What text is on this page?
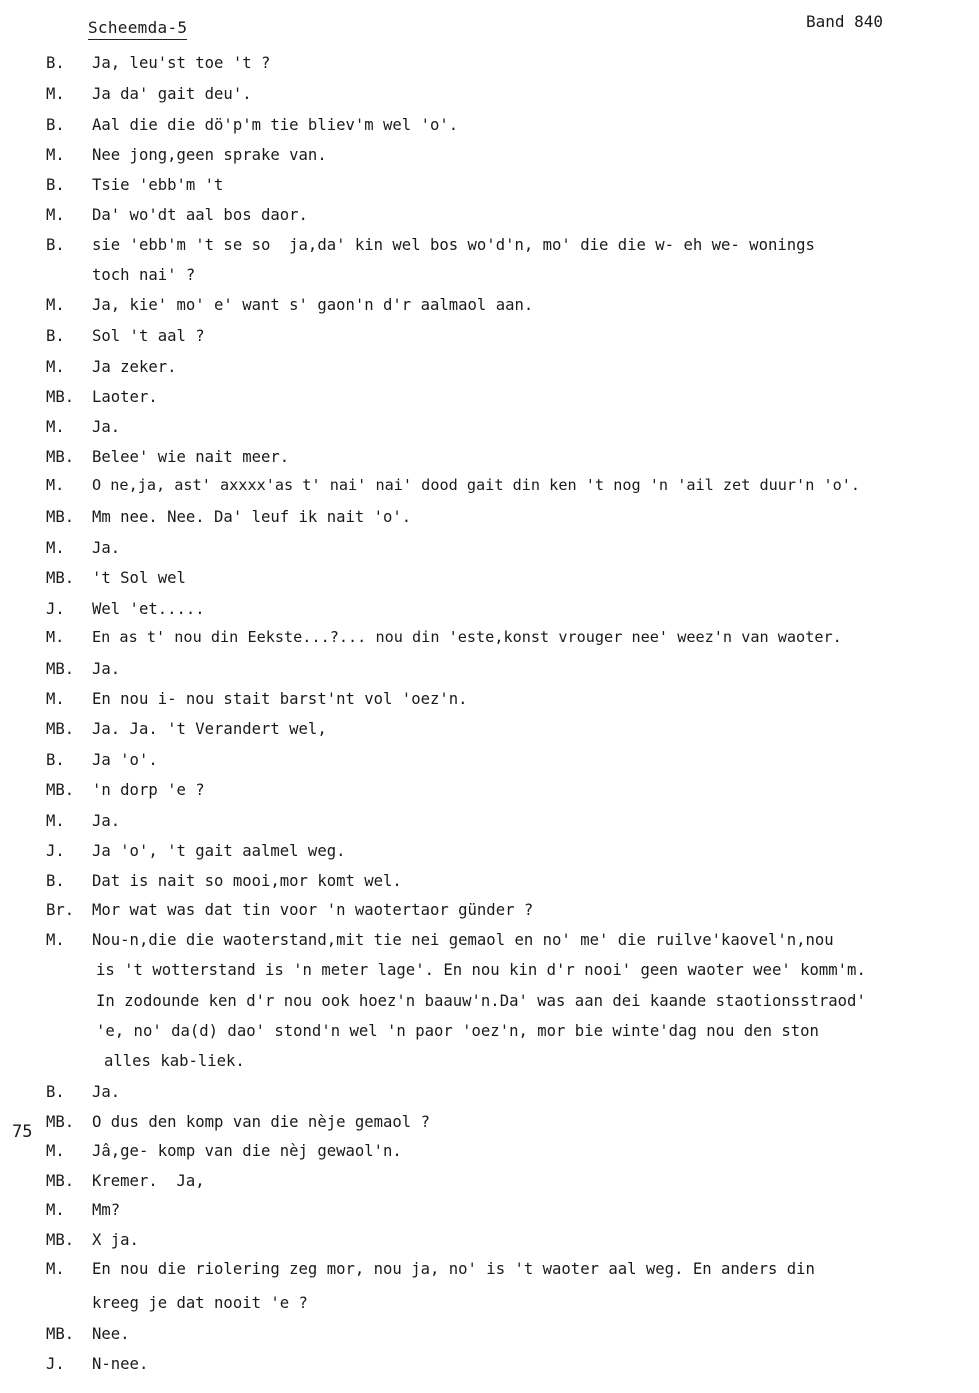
Scheemda-5	Band 840
75
B.	Ja, leu'st toe 't ?
M.	Ja da' gait deu'.
B.	Aal die die dö'p'm tie bliev'm wel 'o'.
M.	Nee jong,geen sprake van.
B.	Tsie 'ebb'm 't
M.	Da' wo'dt aal bos daor.
B.	sie 'ebb'm 't se so  ja,da' kin wel bos wo'd'n, mo' die die w- eh we- wonings
toch nai' ?
M.	Ja, kie' mo' e' want s' gaon'n d'r aalmaol aan.
B.	Sol 't aal ?
M.	Ja zeker.
MB.	Laoter.
M.	Ja.
MB.	Belee' wie nait meer.
M.	O ne,ja, ast' axxxx'as t' nai' nai' dood gait din ken 't nog 'n 'ail zet duur'n 'o'.
MB.	Mm nee. Nee. Da' leuf ik nait 'o'.
M.	Ja.
MB.	't Sol wel
J.	Wel 'et.....
M.	En as t' nou din Eekste...?... nou din 'este,konst vrouger nee' weez'n van waoter.
MB.	Ja.
M.	En nou i- nou stait barst'nt vol 'oez'n.
MB.	Ja. Ja. 't Verandert wel,
B.	Ja 'o'.
MB.	'n dorp 'e ?
M.	Ja.
J.	Ja 'o', 't gait aalmel weg.
B.	Dat is nait so mooi,mor komt wel.
Br.	Mor wat was dat tin voor 'n waotertaor günder ?
M.	Nou-n,die die waoterstand,mit tie nei gemaol en no' me' die ruilve'kaovel'n,nou
is 't wotterstand is 'n meter lage'. En nou kin d'r nooi' geen waoter wee' komm'm.
In zodounde ken d'r nou ook hoez'n baauw'n.Da' was aan dei kaande staotionsstraod'
'e, no' da(d) dao' stond'n wel 'n paor 'oez'n, mor bie winte'dag nou den ston
alles kab-liek.
B.	Ja.
MB.	O dus den komp van die nèje gemaol ?
M.	Jâ,ge- komp van die nèj gewaol'n.
MB.	Kremer.  Ja,
M.	Mm?
MB.	X ja.
M.	En nou die riolering zeg mor, nou ja, no' is 't waoter aal weg. En anders din
kreeg je dat nooit 'e ?
MB.	Nee.
J.	N-nee.
